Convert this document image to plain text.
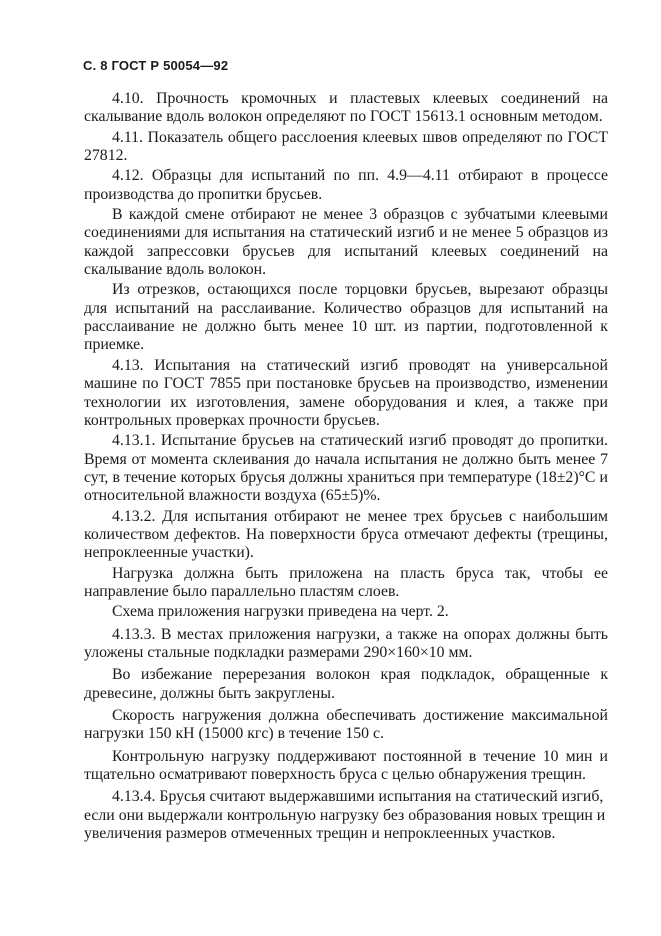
С. 8 ГОСТ Р 50054—92

4.10. Прочность кромочных и пластевых клеевых соединений на скалывание вдоль волокон определяют по ГОСТ 15613.1 основным методом.

4.11. Показатель общего расслоения клеевых швов определяют по ГОСТ 27812.

4.12. Образцы для испытаний по пп. 4.9—4.11 отбирают в процессе производства до пропитки брусьев.

В каждой смене отбирают не менее 3 образцов с зубчатыми клеевыми соединениями для испытания на статический изгиб и не менее 5 образцов из каждой запрессовки брусьев для испытаний клеевых соединений на скалывание вдоль волокон.

Из отрезков, остающихся после торцовки брусьев, вырезают образцы для испытаний на расслаивание. Количество образцов для испытаний на расслаивание не должно быть менее 10 шт. из партии, подготовленной к приемке.

4.13. Испытания на статический изгиб проводят на универсальной машине по ГОСТ 7855 при постановке брусьев на производство, изменении технологии их изготовления, замене оборудования и клея, а также при контрольных проверках прочности брусьев.

4.13.1. Испытание брусьев на статический изгиб проводят до пропитки. Время от момента склеивания до начала испытания не должно быть менее 7 сут, в течение которых брусья должны храниться при температуре (18±2)°С и относительной влажности воздуха (65±5)%.

4.13.2. Для испытания отбирают не менее трех брусьев с наибольшим количеством дефектов. На поверхности бруса отмечают дефекты (трещины, непроклеенные участки).

Нагрузка должна быть приложена на пласть бруса так, чтобы ее направление было параллельно пластям слоев.

Схема приложения нагрузки приведена на черт. 2.

4.13.3. В местах приложения нагрузки, а также на опорах должны быть уложены стальные подкладки размерами 290×160×10 мм.

Во избежание перерезания волокон края подкладок, обращенные к древесине, должны быть закруглены.

Скорость нагружения должна обеспечивать достижение максимальной нагрузки 150 кН (15000 кгс) в течение 150 с.

Контрольную нагрузку поддерживают постоянной в течение 10 мин и тщательно осматривают поверхность бруса с целью обнаружения трещин.

4.13.4. Брусья считают выдержавшими испытания на статический изгиб, если они выдержали контрольную нагрузку без образования новых трещин и увеличения размеров отмеченных трещин и непроклеенных участков.
